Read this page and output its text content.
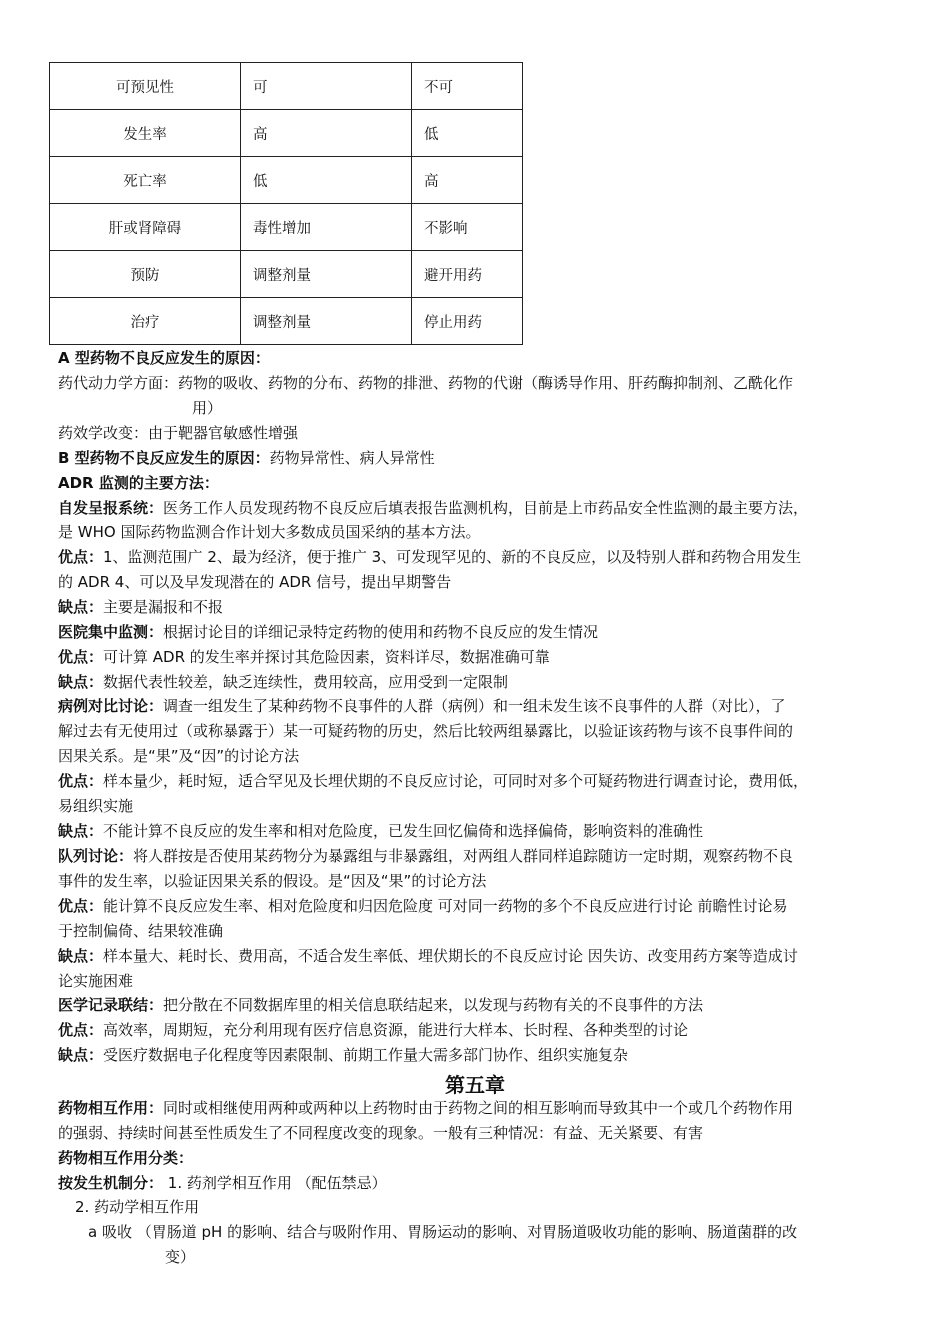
可预见性	可	不可
发生率	高	低
死亡率	低	高
肝或肾障碍	毒性增加	不影响
预防	调整剂量	避开用药
治疗	调整剂量	停止用药
A 型药物不良反应发生的原因：
药代动力学方面：药物的吸收、药物的分布、药物的排泄、药物的代谢（酶诱导作用、肝药酶抑制剂、乙酰化作
用）
药效学改变：由于靶器官敏感性增强
B 型药物不良反应发生的原因：药物异常性、病人异常性
ADR 监测的主要方法：
自发呈报系统：医务工作人员发现药物不良反应后填表报告监测机构，目前是上市药品安全性监测的最主要方法，
是 WHO 国际药物监测合作计划大多数成员国采纳的基本方法。
优点：1、监测范围广 2、最为经济，便于推广 3、可发现罕见的、新的不良反应，以及特别人群和药物合用发生
的 ADR 4、可以及早发现潜在的 ADR 信号，提出早期警告
缺点：主要是漏报和不报
医院集中监测：根据讨论目的详细记录特定药物的使用和药物不良反应的发生情况
优点：可计算 ADR 的发生率并探讨其危险因素，资料详尽，数据准确可靠
缺点：数据代表性较差，缺乏连续性，费用较高，应用受到一定限制
病例对比讨论：调查一组发生了某种药物不良事件的人群（病例）和一组未发生该不良事件的人群（对比），了
解过去有无使用过（或称暴露于）某一可疑药物的历史，然后比较两组暴露比，以验证该药物与该不良事件间的
因果关系。是“果”及“因”的讨论方法
优点：样本量少，耗时短，适合罕见及长埋伏期的不良反应讨论，可同时对多个可疑药物进行调查讨论，费用低，
易组织实施
缺点：不能计算不良反应的发生率和相对危险度，已发生回忆偏倚和选择偏倚，影响资料的准确性
队列讨论：将人群按是否使用某药物分为暴露组与非暴露组，对两组人群同样追踪随访一定时期，观察药物不良
事件的发生率，以验证因果关系的假设。是“因及“果”的讨论方法
优点：能计算不良反应发生率、相对危险度和归因危险度 可对同一药物的多个不良反应进行讨论 前瞻性讨论易
于控制偏倚、结果较准确
缺点：样本量大、耗时长、费用高，不适合发生率低、埋伏期长的不良反应讨论 因失访、改变用药方案等造成讨
论实施困难
医学记录联结：把分散在不同数据库里的相关信息联结起来，以发现与药物有关的不良事件的方法
优点：高效率，周期短，充分利用现有医疗信息资源，能进行大样本、长时程、各种类型的讨论
缺点：受医疗数据电子化程度等因素限制、前期工作量大需多部门协作、组织实施复杂
第五章
药物相互作用：同时或相继使用两种或两种以上药物时由于药物之间的相互影响而导致其中一个或几个药物作用
的强弱、持续时间甚至性质发生了不同程度改变的现象。一般有三种情况：有益、无关紧要、有害
药物相互作用分类：
按发生机制分： 1. 药剂学相互作用 （配伍禁忌）
2. 药动学相互作用
a 吸收 （胃肠道 pH 的影响、结合与吸附作用、胃肠运动的影响、对胃肠道吸收功能的影响、肠道菌群的改
变）
